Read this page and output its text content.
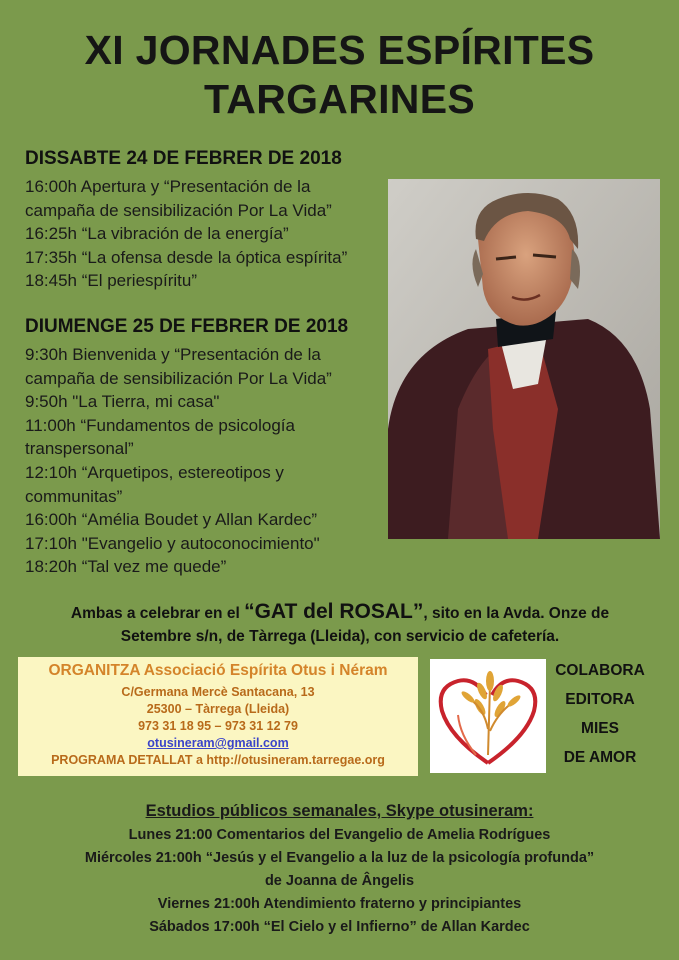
XI JORNADES ESPÍRITES
TARGARINES
DISSABTE 24 DE FEBRER DE 2018
16:00h Apertura y “Presentación de la
campaña de sensibilización Por La Vida”
16:25h “La vibración de la energía”
17:35h “La ofensa desde la óptica espírita”
18:45h “El periespíritu”
DIUMENGE 25 DE FEBRER DE 2018
9:30h Bienvenida y “Presentación de la
campaña de sensibilización Por La Vida”
9:50h "La Tierra, mi casa"
11:00h “Fundamentos de psicología
transpersonal”
12:10h “Arquetipos, estereotipos y
communitas”
16:00h “Amélia Boudet y Allan Kardec”
17:10h "Evangelio y autoconocimiento"
18:20h “Tal vez me quede”
Ambas a celebrar en el “GAT del ROSAL”, sito en la Avda. Onze de
Setembre s/n, de Tàrrega (Lleida), con servicio de cafetería.
ORGANITZA Associació Espírita Otus i Néram
C/Germana Mercè Santacana, 13
25300 – Tàrrega (Lleida)
973 31 18 95 – 973 31 12 79
otusineram@gmail.com
PROGRAMA DETALLAT a http://otusineram.tarregae.org
COLABORA
EDITORA
MIES
DE AMOR
Estudios públicos semanales, Skype otusineram:
Lunes 21:00 Comentarios del Evangelio de Amelia Rodrígues
Miércoles 21:00h “Jesús y el Evangelio a la luz de la psicología profunda”
de Joanna de Ângelis
Viernes 21:00h Atendimiento fraterno y principiantes
Sábados 17:00h “El Cielo y el Infierno” de Allan Kardec
